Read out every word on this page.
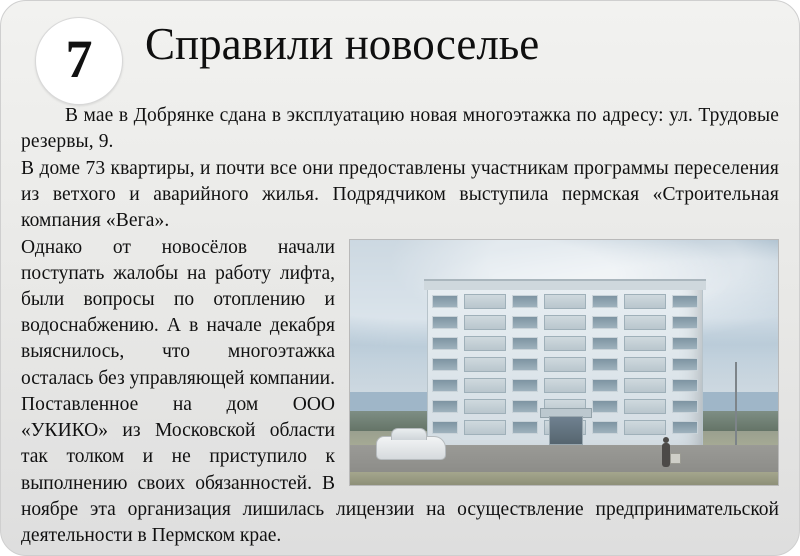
7 Справили новоселье

В мае в Добрянке сдана в эксплуатацию новая многоэтажка по адресу: ул. Трудовые резервы, 9.

В доме 73 квартиры, и почти все они предоставлены участникам программы переселения из ветхого и аварийного жилья. Подрядчиком выступила пермская «Строительная компания «Вега».

Однако от новосёлов начали поступать жалобы на работу лифта, были вопросы по отоплению и водоснабжению. А в начале декабря выяснилось, что многоэтажка осталась без управляющей компании. Поставленное на дом ООО «УКИКО» из Московской области так толком и не приступило к выполнению своих обязанностей. В ноябре эта организация лишилась лицензии на осуществление предпринимательской деятельности в Пермском крае.
